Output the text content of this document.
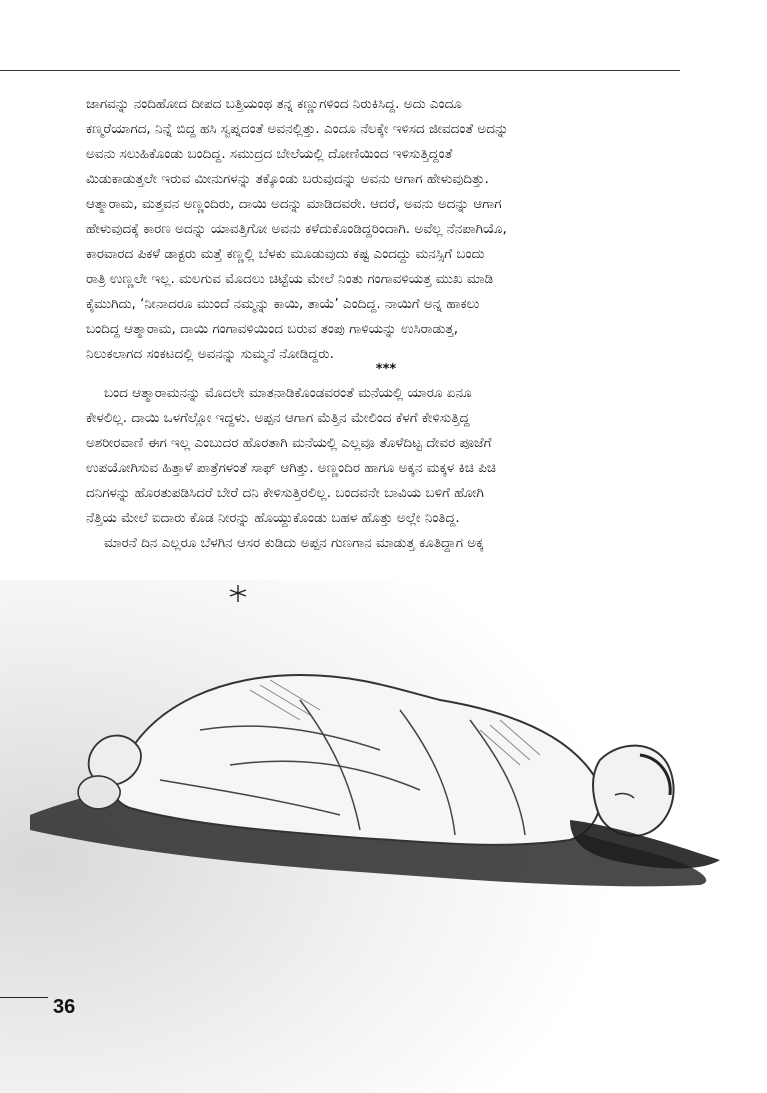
ಜಾಗವನ್ನು ನಂದಿಹೋದ ದೀಪದ ಬತ್ತಿಯಂಥ ತನ್ನ ಕಣ್ಣುಗಳಿಂದ ನಿರುಕಿಸಿದ್ದ. ಅದು ಎಂದೂ
ಕಣ್ಮರೆಯಾಗದ, ನಿನ್ನೆ ಬಿದ್ದ ಹಸಿ ಸ್ವಪ್ನದಂತೆ ಅವನಲ್ಲಿತ್ತು. ಎಂದೂ ನೆಲಕ್ಕೇ ಇಳಿಸದ ಜೀವದಂತೆ ಅದನ್ನು
ಅವನು ಸಲುಹಿಕೊಂಡು ಬಂದಿದ್ದ. ಸಮುದ್ರದ ಬೇಲೆಯಲ್ಲಿ ದೋಣಿಯಿಂದ ಇಳಿಸುತ್ತಿದ್ದಂತೆ
ಮಿಡುಕಾಡುತ್ತಲೇ ಇರುವ ಮೀನುಗಳನ್ನು ತಕ್ಕೊಂಡು ಬರುವುದನ್ನು ಅವನು ಆಗಾಗ ಹೇಳುವುದಿತ್ತು.
ಆತ್ಮಾರಾಮ, ಮತ್ತವನ ಅಣ್ಣಂದಿರು, ದಾಯಿ ಅದನ್ನು ಮಾಡಿದವರೇ. ಆದರೆ, ಅವನು ಅದನ್ನು ಆಗಾಗ
ಹೇಳುವುದಕ್ಕೆ ಕಾರಣ ಅದನ್ನು ಯಾವತ್ತಿಗೋ ಅವನು ಕಳೆದುಕೊಂಡಿದ್ದರಿಂದಾಗಿ. ಅವೆಲ್ಲ ನೆನಪಾಗಿಯೊ,
ಕಾರವಾರದ ಪಿಕಳೆ ಡಾಕ್ಟರು ಮತ್ತೆ ಕಣ್ಣಲ್ಲಿ ಬೆಳಕು ಮೂಡುವುದು ಕಷ್ಟ ಎಂದದ್ದು ಮನಸ್ಸಿಗೆ ಬಂದು
ರಾತ್ರಿ ಉಣ್ಣಲೇ ಇಲ್ಲ. ಮಲಗುವ ಮೊದಲು ಚಿಟ್ಟೆಯ ಮೇಲೆ ನಿಂತು ಗಂಗಾವಳಿಯತ್ತ ಮುಖ ಮಾಡಿ
ಕೈಮುಗಿದು, ‘ನೀನಾದರೂ ಮುಂದೆ ನಮ್ಮನ್ನು ಕಾಯಿ, ತಾಯೆ’ ಎಂದಿದ್ದ. ನಾಯಿಗೆ ಅನ್ನ ಹಾಕಲು
ಬಂದಿದ್ದ ಆತ್ಮಾರಾಮ, ದಾಯಿ ಗಂಗಾವಳಿಯಿಂದ ಬರುವ ತಂಪು ಗಾಳಿಯನ್ನು ಉಸಿರಾಡುತ್ತ,
ನಿಲುಕಲಾಗದ ಸಂಕಟದಲ್ಲಿ ಅವನನ್ನು ಸುಮ್ಮನೆ ನೋಡಿದ್ದರು.
***
ಬಂದ ಆತ್ಮಾರಾಮನನ್ನು ಮೊದಲೇ ಮಾತನಾಡಿಕೊಂಡವರಂತೆ ಮನೆಯಲ್ಲಿ ಯಾರೂ ಏನೂ
ಕೇಳಲಿಲ್ಲ. ದಾಯಿ ಒಳಗೆಲ್ಲೋ ಇದ್ದಳು. ಅಪ್ಪನ ಆಗಾಗ ಮೆತ್ತಿನ ಮೇಲಿಂದ ಕೆಳಗೆ ಕೇಳಿಸುತ್ತಿದ್ದ
ಅಶರೀರವಾಣಿ ಈಗ ಇಲ್ಲ ಎಂಬುದರ ಹೊರತಾಗಿ ಮನೆಯಲ್ಲಿ ಎಲ್ಲವೂ ತೊಳೆದಿಟ್ಟ ದೇವರ ಪೂಜೆಗೆ
ಉಪಯೋಗಿಸುವ ಹಿತ್ತಾಳೆ ಪಾತ್ರೆಗಳಂತೆ ಸಾಫ್ ಆಗಿತ್ತು. ಅಣ್ಣಂದಿರ ಹಾಗೂ ಅಕ್ಕನ ಮಕ್ಕಳ ಕಿಚಿ ಪಿಚಿ
ದನಿಗಳನ್ನು ಹೊರತುಪಡಿಸಿದರೆ ಬೇರೆ ದನಿ ಕೇಳಿಸುತ್ತಿರಲಿಲ್ಲ. ಬಂದವನೇ ಬಾವಿಯ ಬಳಿಗೆ ಹೋಗಿ
ನೆತ್ತಿಯ ಮೇಲೆ ಐದಾರು ಕೊಡ ನೀರನ್ನು ಹೊಯ್ದುಕೊಂಡು ಬಹಳ ಹೊತ್ತು ಅಲ್ಲೇ ನಿಂತಿದ್ದ.
ಮಾರನೆ ದಿನ ಎಲ್ಲರೂ ಬೆಳಗಿನ ಆಸರ ಕುಡಿದು ಅಪ್ಪನ ಗುಣಗಾನ ಮಾಡುತ್ತ ಕೂತಿದ್ದಾಗ ಅಕ್ಕ
36
